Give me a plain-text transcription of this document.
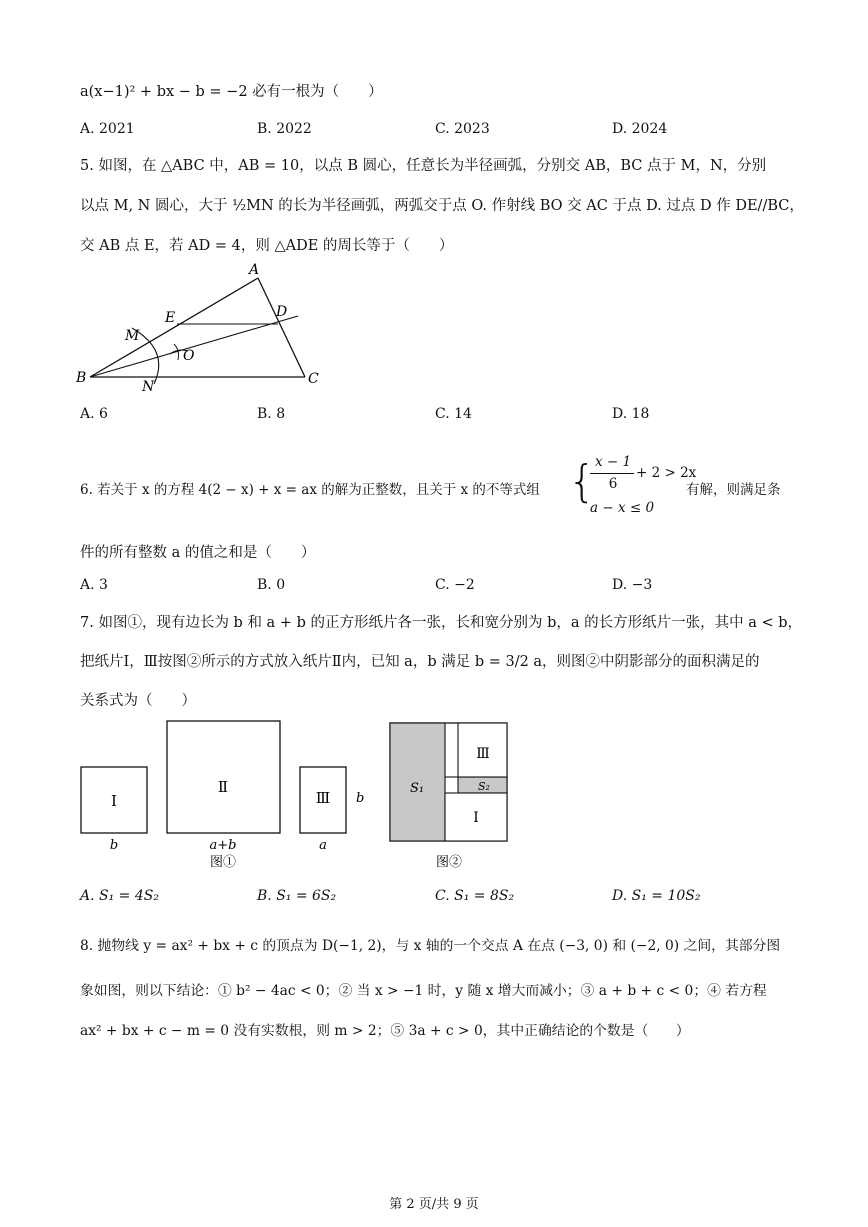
a(x−1)² + bx − b = −2 必有一根为（　　）
A. 2021	B. 2022	C. 2023	D. 2024
5. 如图，在 △ABC 中，AB = 10，以点 B 圆心，任意长为半径画弧，分别交 AB，BC 点于 M，N，分别
以点 M, N 圆心，大于 ½MN 的长为半径画弧，两弧交于点 O. 作射线 BO 交 AC 于点 D. 过点 D 作 DE//BC，
交 AB 点 E，若 AD = 4，则 △ADE 的周长等于（　　）
A
B	C
D
E
M
N
O
A. 6	B. 8	C. 14	D. 18
6. 若关于 x 的方程 4(2 − x) + x = ax 的解为正整数，且关于 x 的不等式组 {
x − 1
6
+ 2 > 2x
a − x ≤ 0
有解，则满足条
件的所有整数 a 的值之和是（　　）
A. 3	B. 0	C. −2	D. −3
7. 如图①，现有边长为 b 和 a + b 的正方形纸片各一张，长和宽分别为 b，a 的长方形纸片一张，其中 a < b，
把纸片Ⅰ，Ⅲ按图②所示的方式放入纸片Ⅱ内，已知 a，b 满足 b = 3/2 a，则图②中阴影部分的面积满足的
关系式为（　　）
Ⅰ
b
Ⅱ
a+b
Ⅲ b
a
图①
S₁	S₂
Ⅲ
Ⅰ
图②
A. S₁ = 4S₂	B. S₁ = 6S₂	C. S₁ = 8S₂	D. S₁ = 10S₂
8. 抛物线 y = ax² + bx + c 的顶点为 D(−1, 2)，与 x 轴的一个交点 A 在点 (−3, 0) 和 (−2, 0) 之间，其部分图
象如图，则以下结论：① b² − 4ac < 0；② 当 x > −1 时，y 随 x 增大而减小；③ a + b + c < 0；④ 若方程
ax² + bx + c − m = 0 没有实数根，则 m > 2；⑤ 3a + c > 0，其中正确结论的个数是（　　）
第 2 页/共 9 页
